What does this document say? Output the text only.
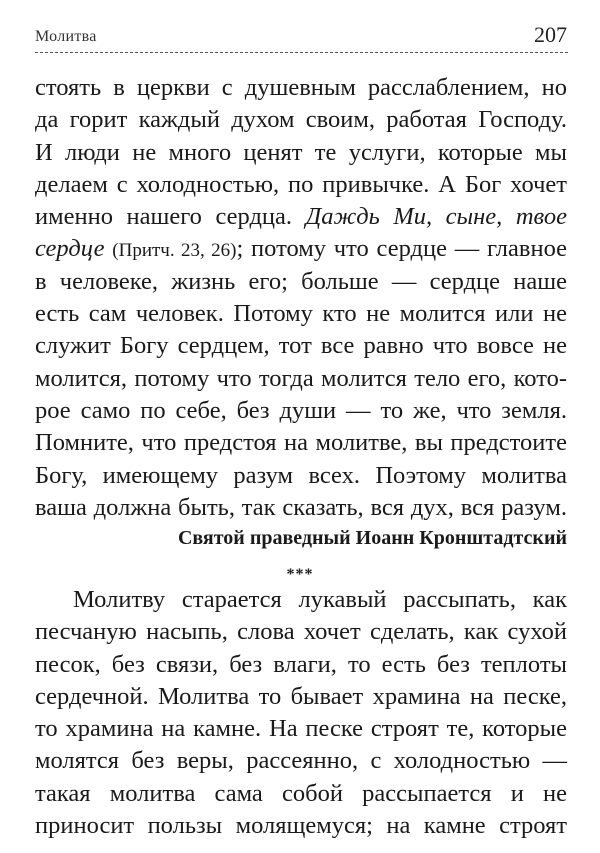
Молитва	207
стоять в церкви с душевным расслаблением, но
да горит каждый духом своим, работая Господу.
И люди не много ценят те услуги, которые мы
делаем с холодностью, по привычке. А Бог хочет
именно нашего сердца. Даждь Ми, сыне, твое
сердце (Притч. 23, 26); потому что сердце — главное
в человеке, жизнь его; больше — сердце наше
есть сам человек. Потому кто не молится или не
служит Богу сердцем, тот все равно что вовсе не
молится, потому что тогда молится тело его, кото-
рое само по себе, без души — то же, что земля.
Помните, что предстоя на молитве, вы предстоите
Богу, имеющему разум всех. Поэтому молитва
ваша должна быть, так сказать, вся дух, вся разум.
Святой праведный Иоанн Кронштадтский
***
Молитву старается лукавый рассыпать, как
песчаную насыпь, слова хочет сделать, как сухой
песок, без связи, без влаги, то есть без теплоты
сердечной. Молитва то бывает храмина на песке,
то храмина на камне. На песке строят те, которые
молятся без веры, рассеянно, с холодностью —
такая молитва сама собой рассыпается и не
приносит пользы молящемуся; на камне строят
